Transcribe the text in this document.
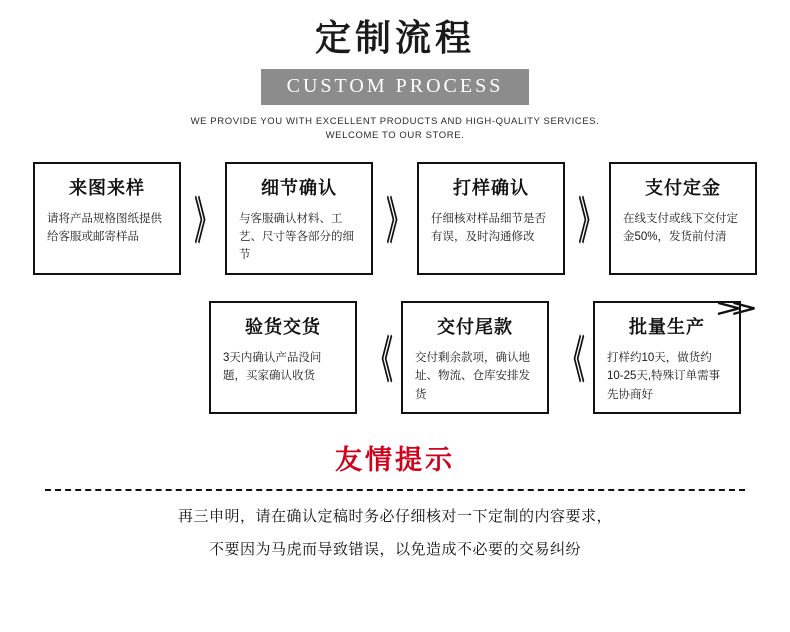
定制流程
CUSTOM PROCESS
WE PROVIDE YOU WITH EXCELLENT PRODUCTS AND HIGH-QUALITY SERVICES.
WELCOME TO OUR STORE.
来图来样
请将产品规格图纸提供给客服或邮寄样品	》
细节确认
与客服确认材料、工艺、尺寸等各部分的细节
》
打样确认
仔细核对样品细节是否有误，及时沟通修改	》
支付定金
在线支付或线下交付定金50%，发货前付清
≫
验货交货
3天内确认产品没问题，买家确认收货	《
交付尾款
交付剩余款项，确认地址、物流、仓库安排发货
《
批量生产
打样约10天，做货约10-25天,特殊订单需事先协商好
友情提示
再三申明，请在确认定稿时务必仔细核对一下定制的内容要求，
不要因为马虎而导致错误，以免造成不必要的交易纠纷
